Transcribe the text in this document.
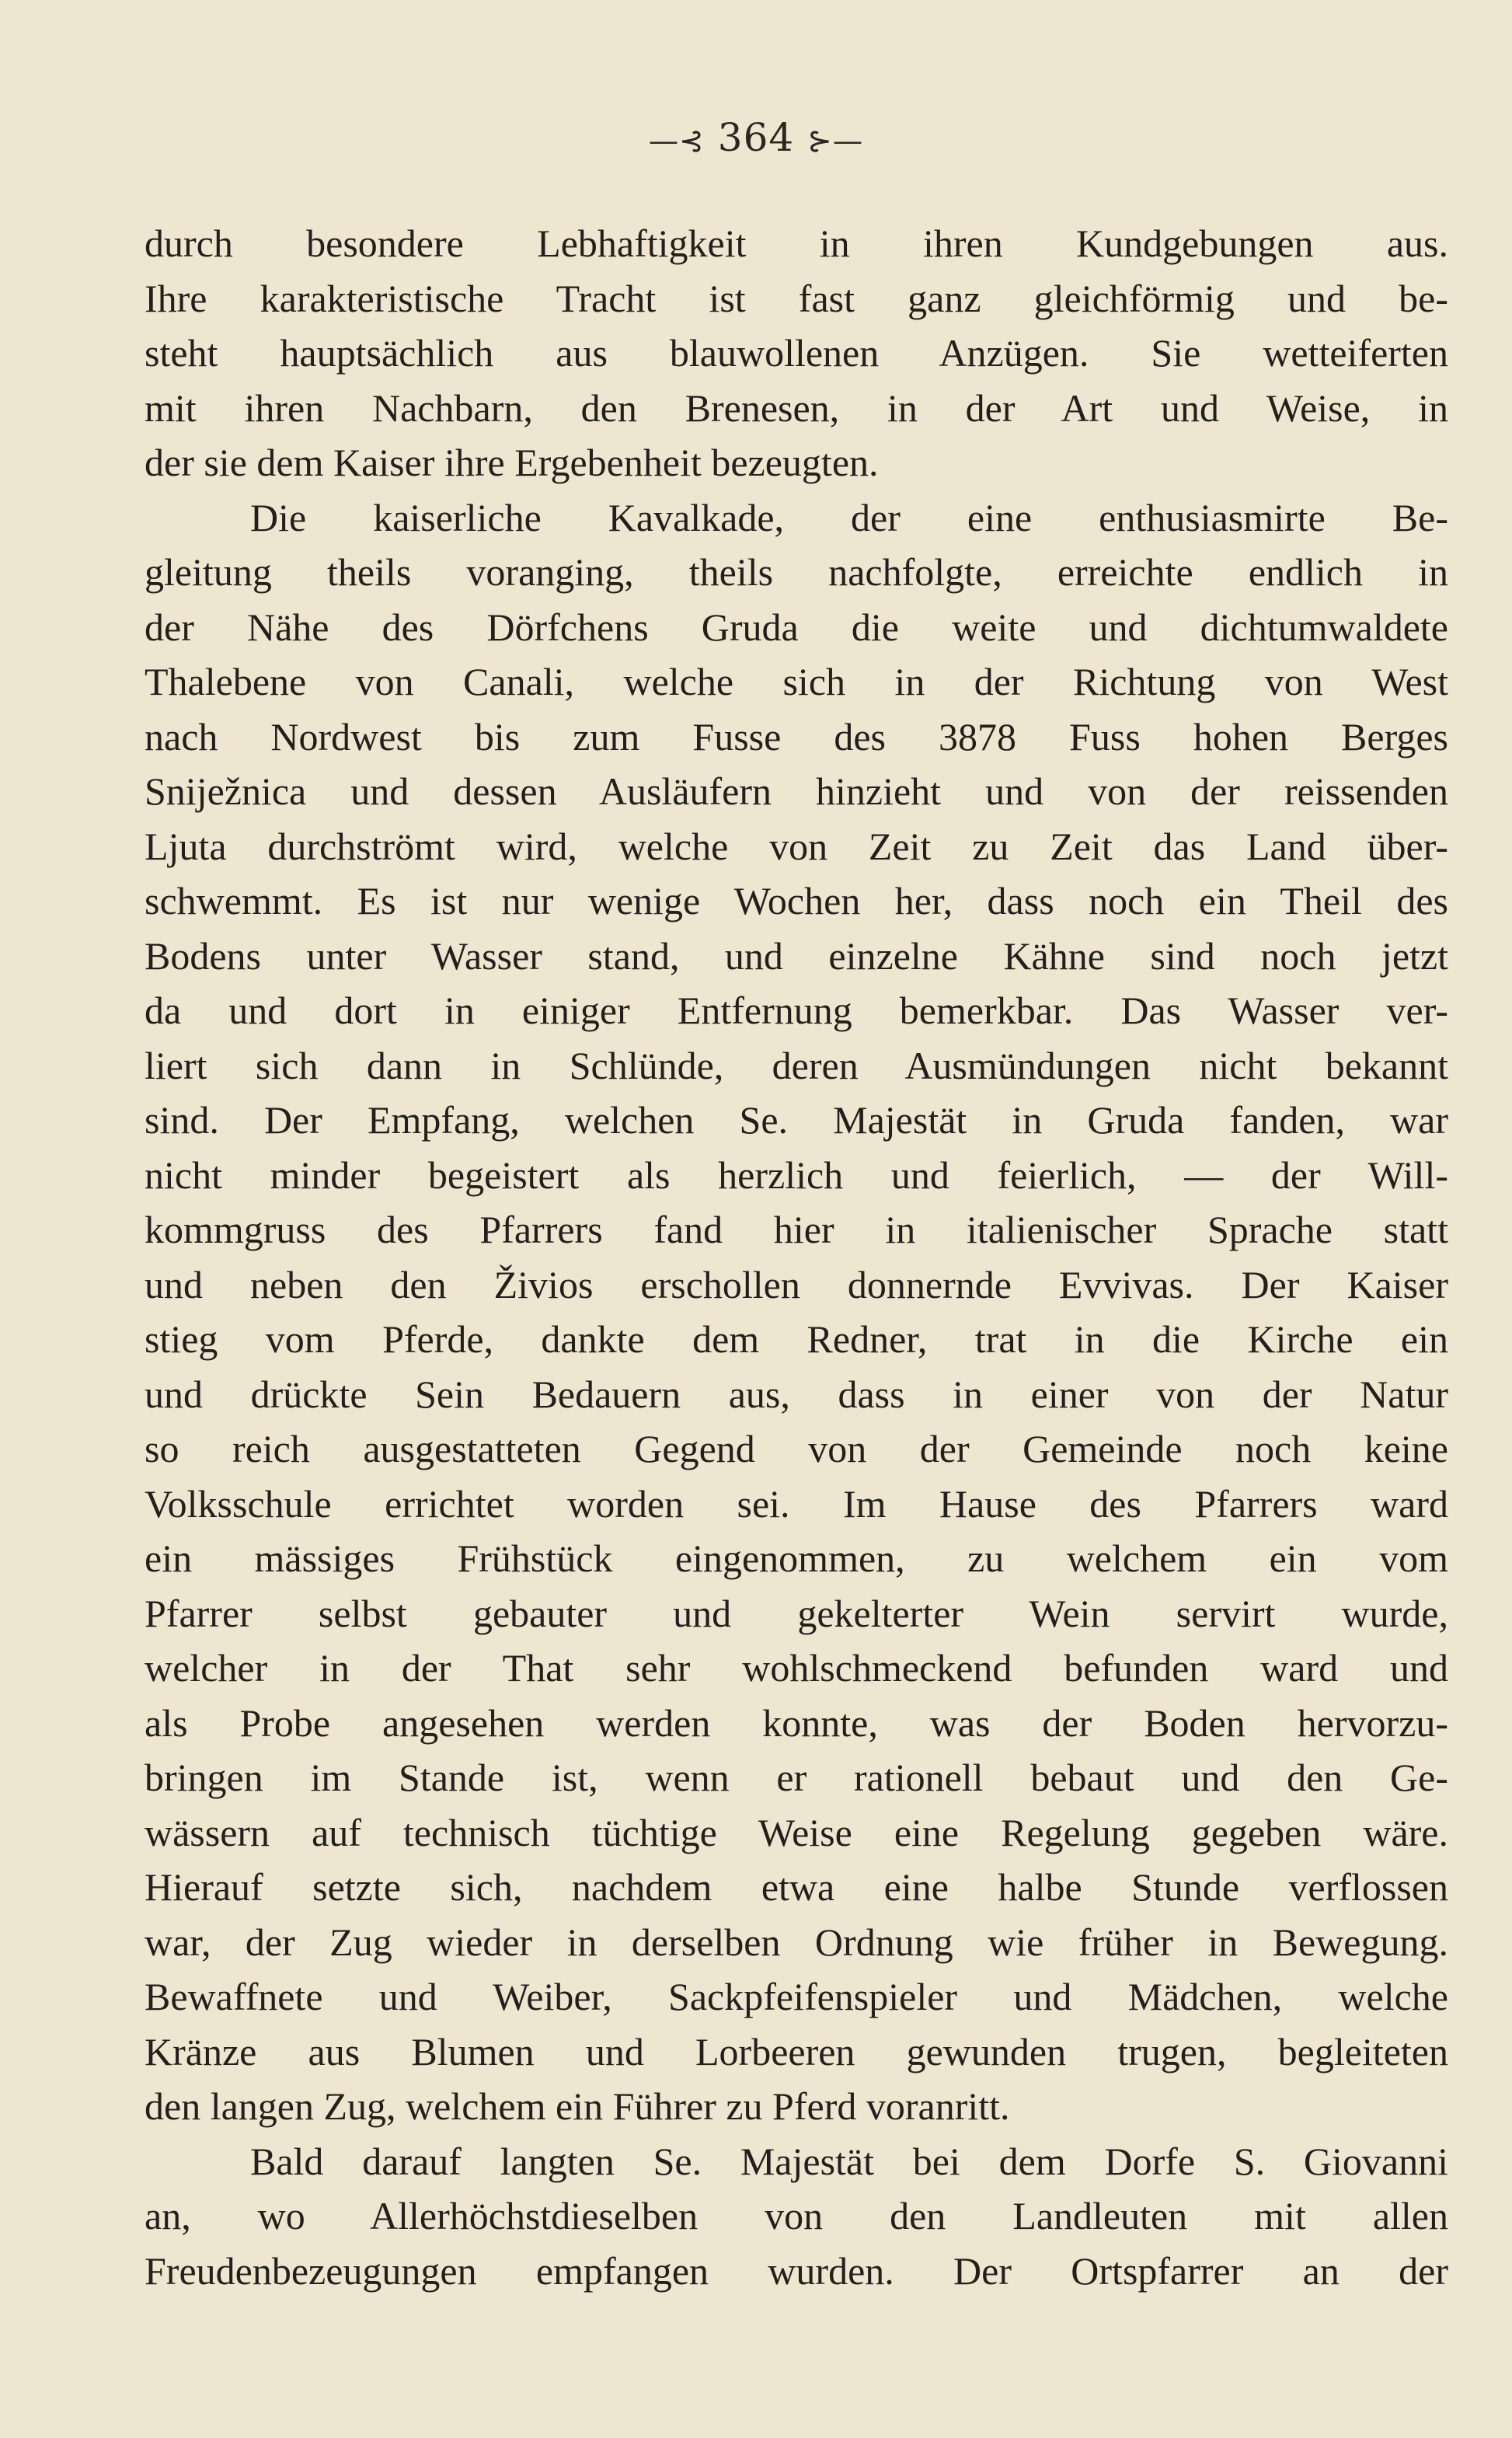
—⊰ 364 ⊱—
durch besondere Lebhaftigkeit in ihren Kundgebungen aus.
Ihre karakteristische Tracht ist fast ganz gleichförmig und be-
steht hauptsächlich aus blauwollenen Anzügen. Sie wetteiferten
mit ihren Nachbarn, den Brenesen, in der Art und Weise, in
der sie dem Kaiser ihre Ergebenheit bezeugten.
Die kaiserliche Kavalkade, der eine enthusiasmirte Be-
gleitung theils voranging, theils nachfolgte, erreichte endlich in
der Nähe des Dörfchens Gruda die weite und dichtumwaldete
Thalebene von Canali, welche sich in der Richtung von West
nach Nordwest bis zum Fusse des 3878 Fuss hohen Berges
Sniježnica und dessen Ausläufern hinzieht und von der reissenden
Ljuta durchströmt wird, welche von Zeit zu Zeit das Land über-
schwemmt. Es ist nur wenige Wochen her, dass noch ein Theil des
Bodens unter Wasser stand, und einzelne Kähne sind noch jetzt
da und dort in einiger Entfernung bemerkbar. Das Wasser ver-
liert sich dann in Schlünde, deren Ausmündungen nicht bekannt
sind. Der Empfang, welchen Se. Majestät in Gruda fanden, war
nicht minder begeistert als herzlich und feierlich, — der Will-
kommgruss des Pfarrers fand hier in italienischer Sprache statt
und neben den Živios erschollen donnernde Evvivas. Der Kaiser
stieg vom Pferde, dankte dem Redner, trat in die Kirche ein
und drückte Sein Bedauern aus, dass in einer von der Natur
so reich ausgestatteten Gegend von der Gemeinde noch keine
Volksschule errichtet worden sei. Im Hause des Pfarrers ward
ein mässiges Frühstück eingenommen, zu welchem ein vom
Pfarrer selbst gebauter und gekelterter Wein servirt wurde,
welcher in der That sehr wohlschmeckend befunden ward und
als Probe angesehen werden konnte, was der Boden hervorzu-
bringen im Stande ist, wenn er rationell bebaut und den Ge-
wässern auf technisch tüchtige Weise eine Regelung gegeben wäre.
Hierauf setzte sich, nachdem etwa eine halbe Stunde verflossen
war, der Zug wieder in derselben Ordnung wie früher in Bewegung.
Bewaffnete und Weiber, Sackpfeifenspieler und Mädchen, welche
Kränze aus Blumen und Lorbeeren gewunden trugen, begleiteten
den langen Zug, welchem ein Führer zu Pferd voranritt.
Bald darauf langten Se. Majestät bei dem Dorfe S. Giovanni
an, wo Allerhöchstdieselben von den Landleuten mit allen
Freudenbezeugungen empfangen wurden. Der Ortspfarrer an der
